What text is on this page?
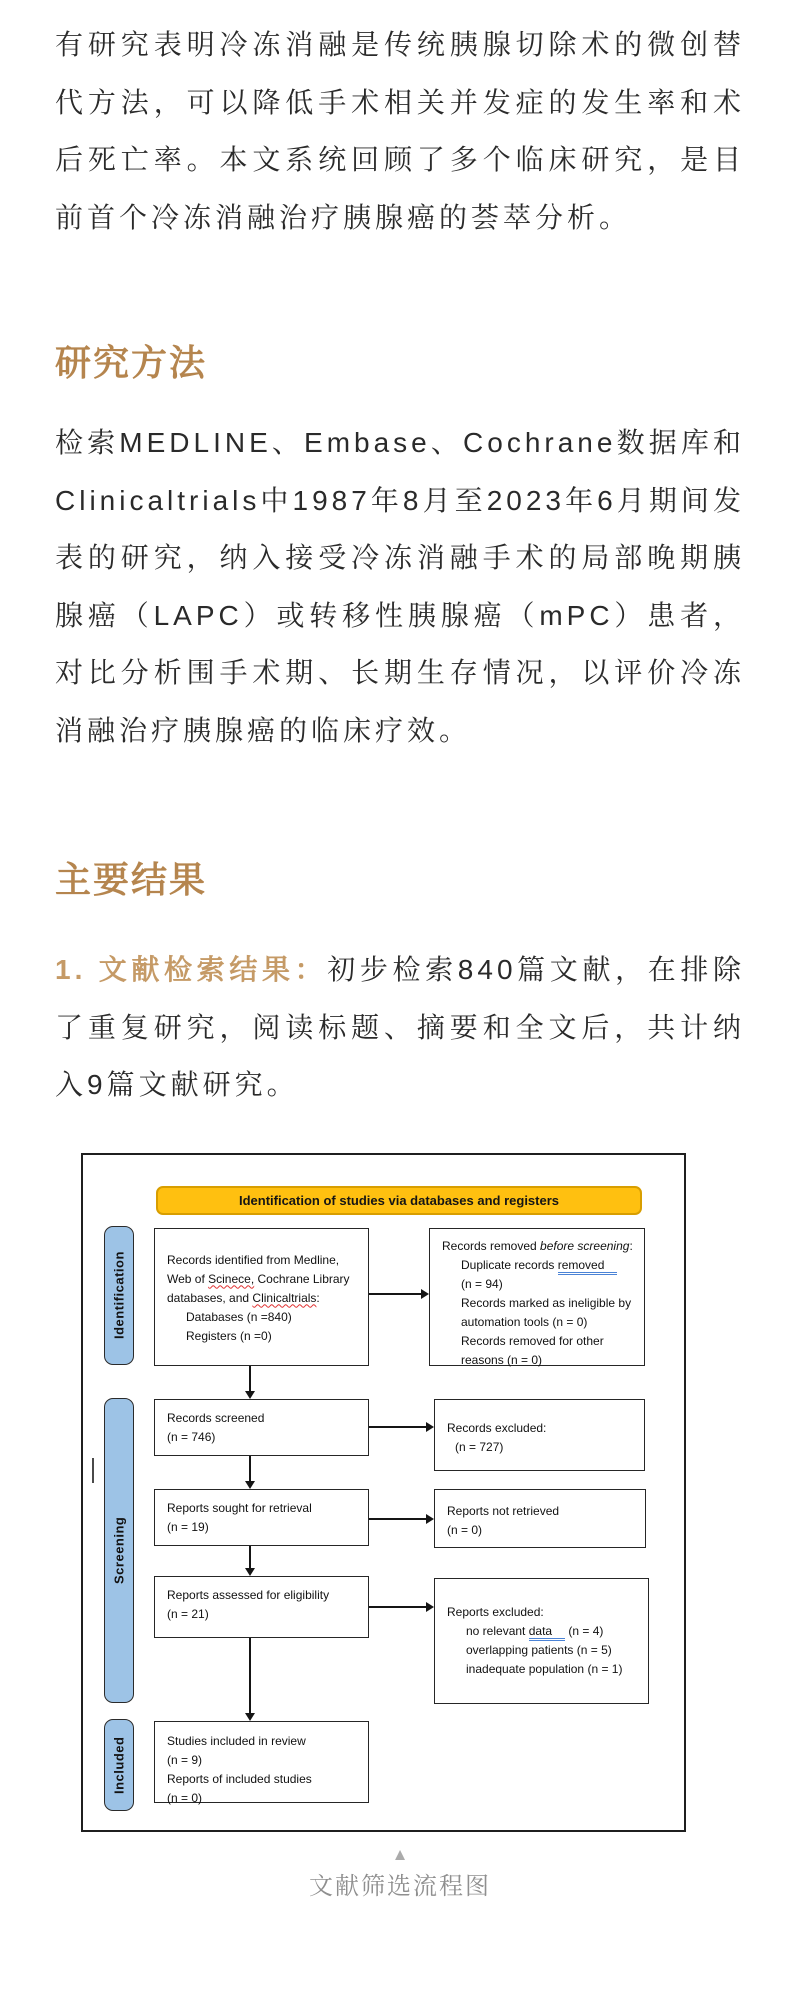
有研究表明冷冻消融是传统胰腺切除术的微创替代方法，可以降低手术相关并发症的发生率和术后死亡率。本文系统回顾了多个临床研究，是目前首个冷冻消融治疗胰腺癌的荟萃分析。

研究方法

检索MEDLINE、Embase、Cochrane数据库和Clinicaltrials中1987年8月至2023年6月期间发表的研究，纳入接受冷冻消融手术的局部晚期胰腺癌（LAPC）或转移性胰腺癌（mPC）患者，对比分析围手术期、长期生存情况，以评价冷冻消融治疗胰腺癌的临床疗效。

主要结果

1. 文献检索结果：初步检索840篇文献，在排除了重复研究，阅读标题、摘要和全文后，共计纳入9篇文献研究。

Identification of studies via databases and registers
Identification
Screening
Included
Records identified from Medline, Web of Scinece, Cochrane Library databases, and Clinicaltrials:
Databases (n =840)
Registers (n =0)
Records removed before screening:
Duplicate records removed
(n = 94)
Records marked as ineligible by automation tools (n = 0)
Records removed for other reasons (n = 0)
Records screened
(n = 746)
Records excluded:
(n = 727)
Reports sought for retrieval
(n = 19)
Reports not retrieved
(n = 0)
Reports assessed for eligibility
(n = 21)	Reports excluded:
no relevant data (n = 4)
overlapping patients (n = 5)
inadequate population (n = 1)
Studies included in review
(n = 9)
Reports of included studies
(n = 0)
▲
文献筛选流程图
